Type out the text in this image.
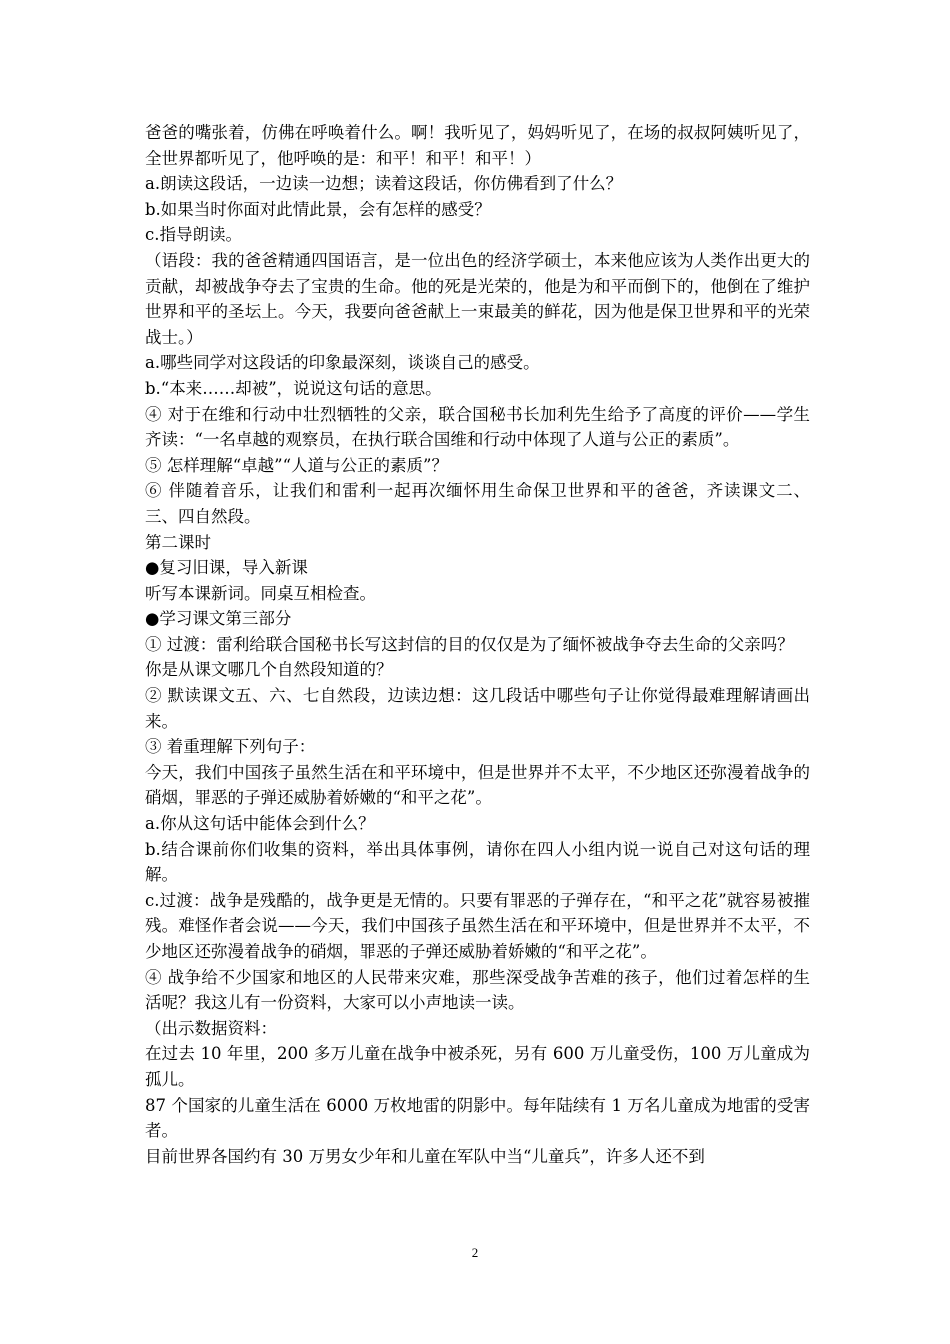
爸爸的嘴张着，仿佛在呼唤着什么。啊！我听见了，妈妈听见了，在场的叔叔阿姨听见了，全世界都听见了，他呼唤的是：和平！和平！和平！）

a.朗读这段话，一边读一边想；读着这段话，你仿佛看到了什么？

b.如果当时你面对此情此景，会有怎样的感受？

c.指导朗读。

（语段：我的爸爸精通四国语言，是一位出色的经济学硕士，本来他应该为人类作出更大的贡献，却被战争夺去了宝贵的生命。他的死是光荣的，他是为和平而倒下的，他倒在了维护世界和平的圣坛上。今天，我要向爸爸献上一束最美的鲜花，因为他是保卫世界和平的光荣战士。）

a.哪些同学对这段话的印象最深刻，谈谈自己的感受。

b.“本来……却被”，说说这句话的意思。

④ 对于在维和行动中壮烈牺牲的父亲，联合国秘书长加利先生给予了高度的评价——学生齐读：“一名卓越的观察员，在执行联合国维和行动中体现了人道与公正的素质”。

⑤ 怎样理解“卓越”“人道与公正的素质”？

⑥ 伴随着音乐，让我们和雷利一起再次缅怀用生命保卫世界和平的爸爸，齐读课文二、三、四自然段。

第二课时

●复习旧课，导入新课

听写本课新词。同桌互相检查。

●学习课文第三部分

① 过渡：雷利给联合国秘书长写这封信的目的仅仅是为了缅怀被战争夺去生命的父亲吗？

你是从课文哪几个自然段知道的？

② 默读课文五、六、七自然段，边读边想：这几段话中哪些句子让你觉得最难理解请画出来。

③ 着重理解下列句子：

今天，我们中国孩子虽然生活在和平环境中，但是世界并不太平，不少地区还弥漫着战争的硝烟，罪恶的子弹还威胁着娇嫩的“和平之花”。

a.你从这句话中能体会到什么？

b.结合课前你们收集的资料，举出具体事例，请你在四人小组内说一说自己对这句话的理解。

c.过渡：战争是残酷的，战争更是无情的。只要有罪恶的子弹存在，“和平之花”就容易被摧残。难怪作者会说——今天，我们中国孩子虽然生活在和平环境中，但是世界并不太平，不少地区还弥漫着战争的硝烟，罪恶的子弹还威胁着娇嫩的“和平之花”。

④ 战争给不少国家和地区的人民带来灾难，那些深受战争苦难的孩子，他们过着怎样的生活呢？我这儿有一份资料，大家可以小声地读一读。

（出示数据资料：

在过去 10 年里，200 多万儿童在战争中被杀死，另有 600 万儿童受伤，100 万儿童成为孤儿。

87 个国家的儿童生活在 6000 万枚地雷的阴影中。每年陆续有 1 万名儿童成为地雷的受害者。

目前世界各国约有 30 万男女少年和儿童在军队中当“儿童兵”，许多人还不到

2
